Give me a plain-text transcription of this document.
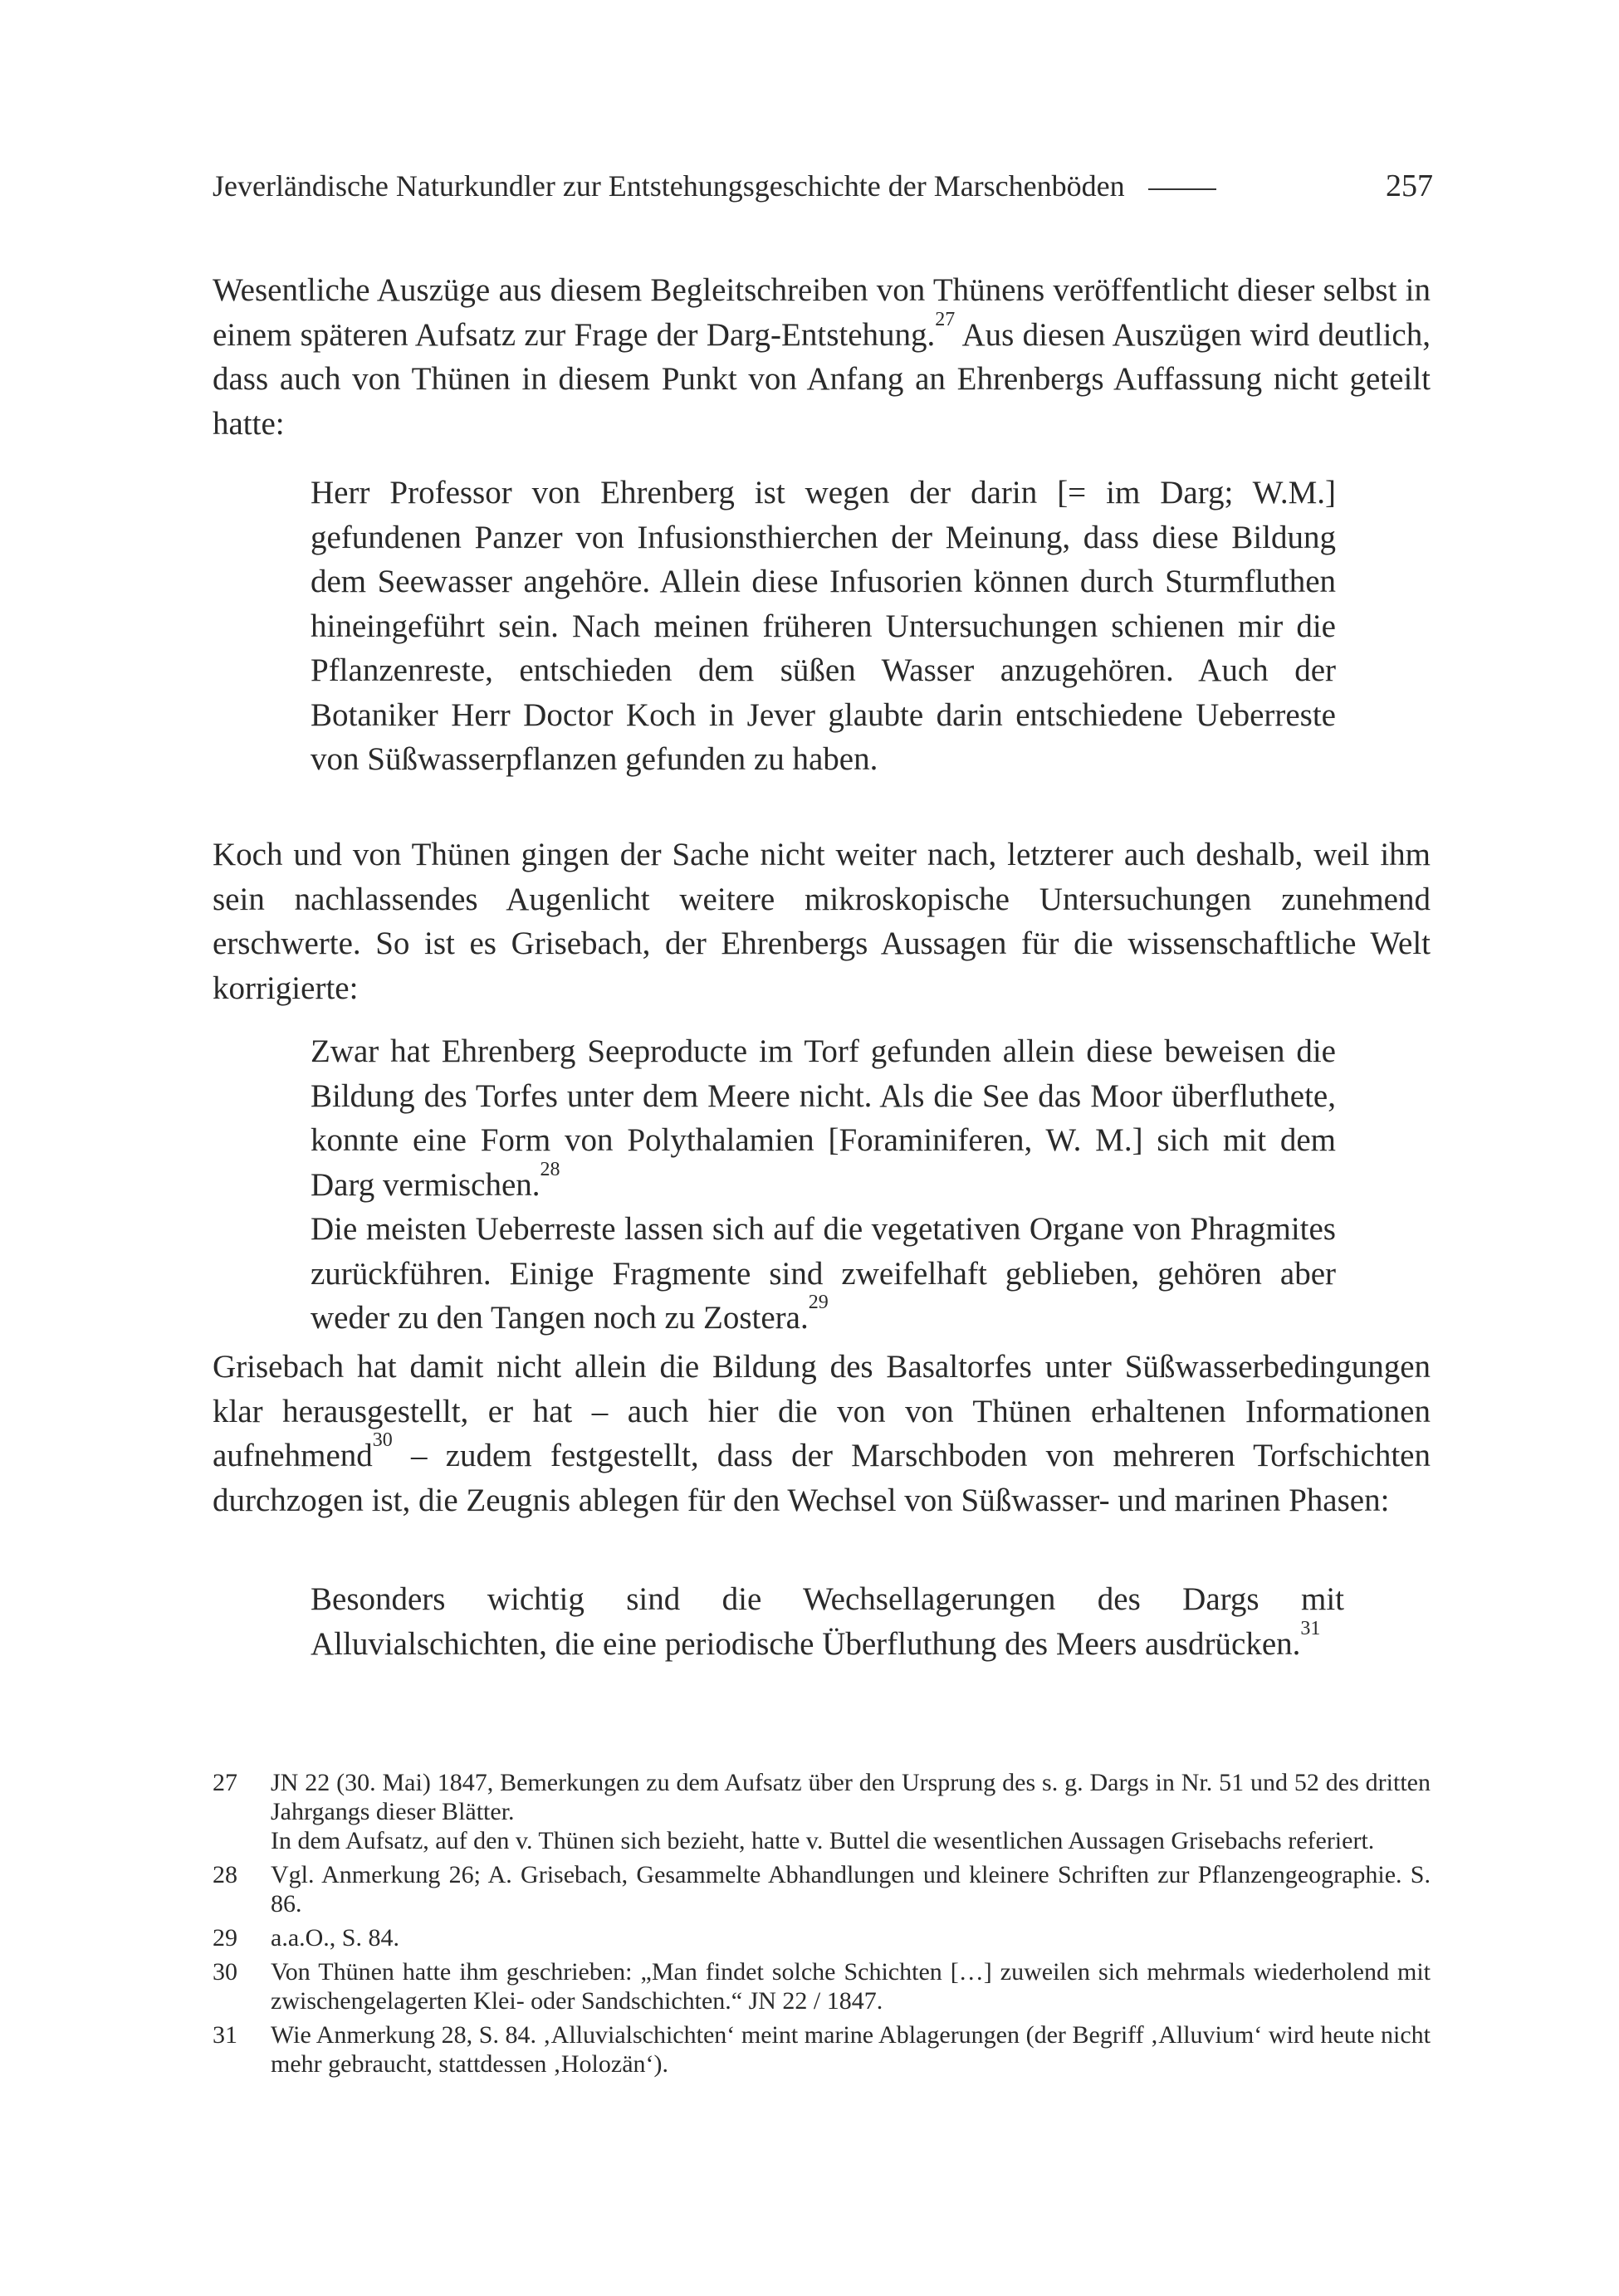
Jeverländische Naturkundler zur Entstehungsgeschichte der Marschenböden	257

Wesentliche Auszüge aus diesem Begleitschreiben von Thünens veröffentlicht dieser selbst in einem späteren Aufsatz zur Frage der Darg-Entstehung.$^{27}$ Aus diesen Auszügen wird deutlich, dass auch von Thünen in diesem Punkt von Anfang an Ehrenbergs Auffassung nicht geteilt hatte:

Herr Professor von Ehrenberg ist wegen der darin [= im Darg; W.M.] gefundenen Panzer von Infusionsthierchen der Meinung, dass diese Bildung dem Seewasser angehöre. Allein diese Infusorien können durch Sturmfluthen hineingeführt sein. Nach meinen früheren Untersuchungen schienen mir die Pflanzenreste, entschieden dem süßen Wasser anzugehören. Auch der Botaniker Herr Doctor Koch in Jever glaubte darin entschiedene Ueberreste von Süßwasserpflanzen gefunden zu haben.

Koch und von Thünen gingen der Sache nicht weiter nach, letzterer auch deshalb, weil ihm sein nachlassendes Augenlicht weitere mikroskopische Untersuchungen zunehmend erschwerte. So ist es Grisebach, der Ehrenbergs Aussagen für die wissenschaftliche Welt korrigierte:

Zwar hat Ehrenberg Seeproducte im Torf gefunden allein diese beweisen die Bildung des Torfes unter dem Meere nicht. Als die See das Moor überfluthete, konnte eine Form von Polythalamien [Foraminiferen, W. M.] sich mit dem Darg vermischen.$^{28}$

Die meisten Ueberreste lassen sich auf die vegetativen Organe von Phragmites zurückführen. Einige Fragmente sind zweifelhaft geblieben, gehören aber weder zu den Tangen noch zu Zostera.$^{29}$

Grisebach hat damit nicht allein die Bildung des Basaltorfes unter Süßwasserbedingungen klar herausgestellt, er hat – auch hier die von von Thünen erhaltenen Informationen aufnehmend$^{30}$ – zudem festgestellt, dass der Marschboden von mehreren Torfschichten durchzogen ist, die Zeugnis ablegen für den Wechsel von Süßwasser- und marinen Phasen:

Besonders wichtig sind die Wechsellagerungen des Dargs mit Alluvialschichten, die eine periodische Überfluthung des Meers ausdrücken.$^{31}$

27	JN 22 (30. Mai) 1847, Bemerkungen zu dem Aufsatz über den Ursprung des s. g. Dargs in Nr. 51 und 52 des dritten Jahrgangs dieser Blätter.

In dem Aufsatz, auf den v. Thünen sich bezieht, hatte v. Buttel die wesentlichen Aussagen Grisebachs referiert.

28	Vgl. Anmerkung 26; A. Grisebach, Gesammelte Abhandlungen und kleinere Schriften zur Pflanzengeographie. S. 86.

29	a.a.O., S. 84.

30	Von Thünen hatte ihm geschrieben: „Man findet solche Schichten […] zuweilen sich mehrmals wiederholend mit zwischengelagerten Klei- oder Sandschichten.“ JN 22 / 1847.

31	Wie Anmerkung 28, S. 84. ‚Alluvialschichten‘ meint marine Ablagerungen (der Begriff ‚Alluvium‘ wird heute nicht mehr gebraucht, stattdessen ‚Holozän‘).
